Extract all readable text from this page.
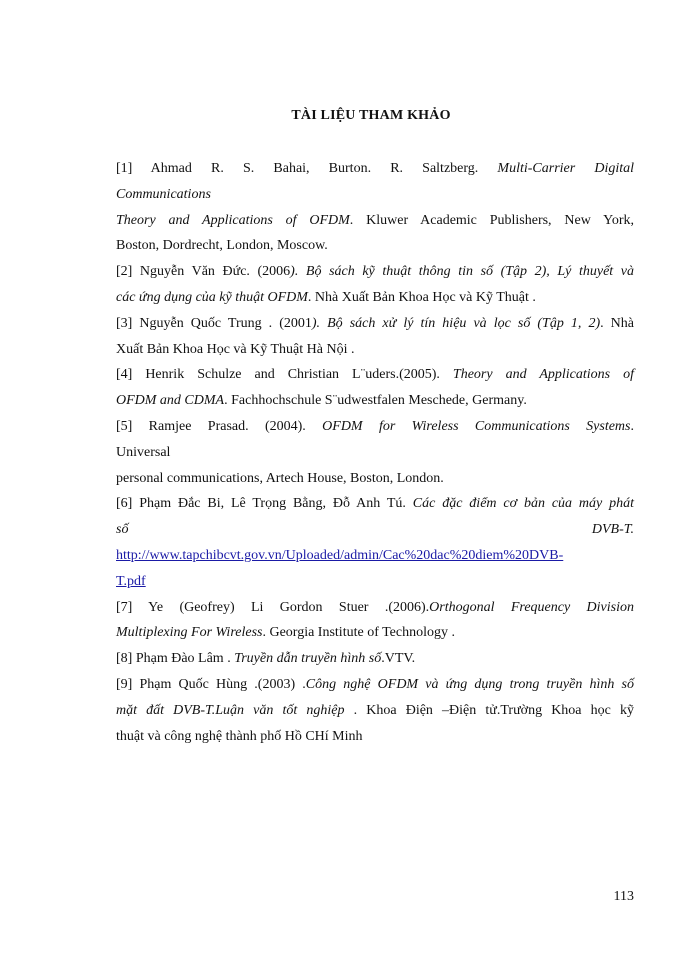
TÀI LIỆU THAM KHẢO

[1] Ahmad R. S. Bahai, Burton. R. Saltzberg. Multi-Carrier Digital

Communications

Theory and Applications of OFDM. Kluwer Academic Publishers, New York,

Boston, Dordrecht, London, Moscow.

[2] Nguyễn Văn Đức. (2006). Bộ sách kỹ thuật thông tin số (Tập 2), Lý thuyết và

các ứng dụng của kỹ thuật OFDM. Nhà Xuất Bản Khoa Học và Kỹ Thuật .

[3] Nguyễn Quốc Trung . (2001). Bộ sách xử lý tín hiệu và lọc số (Tập 1, 2). Nhà

Xuất Bản Khoa Học và Kỹ Thuật Hà Nội .

[4] Henrik Schulze and Christian L¨uders.(2005). Theory and Applications of

OFDM and CDMA. Fachhochschule S¨udwestfalen Meschede, Germany.

[5] Ramjee Prasad. (2004). OFDM for Wireless Communications Systems.

Universal

personal communications, Artech House, Boston, London.

[6] Phạm Đắc Bi, Lê Trọng Bằng, Đỗ Anh Tú. Các đặc điểm cơ bản của máy phát

số	DVB-T.

http://www.tapchibcvt.gov.vn/Uploaded/admin/Cac%20dac%20diem%20DVB-

T.pdf

[7] Ye (Geofrey) Li Gordon Stuer .(2006).Orthogonal Frequency Division

Multiplexing For Wireless. Georgia Institute of Technology .

[8] Phạm Đào Lâm . Truyền dẫn truyền hình số.VTV.

[9] Phạm Quốc Hùng .(2003) .Công nghệ OFDM và ứng dụng trong truyền hình số

mặt đất DVB-T.Luận văn tốt nghiệp . Khoa Điện –Điện tử.Trường Khoa học kỹ

thuật và công nghệ thành phố Hồ CHí Minh

113
